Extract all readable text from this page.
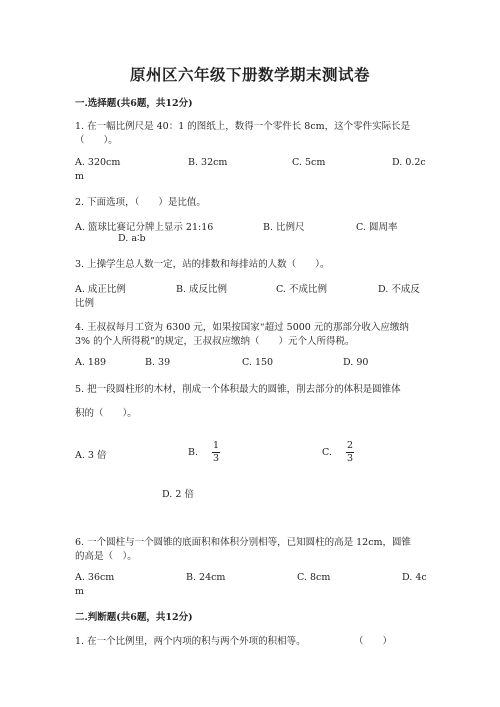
原州区六年级下册数学期末测试卷
一.选择题(共6题，共12分)
1. 在一幅比例尺是 40：1 的图纸上，数得一个零件长 8cm，这个零件实际长是
（　　）。
A. 320cm	B. 32cm	C. 5cm	D. 0.2c
m
2. 下面选项，（　　）是比值。
A. 篮球比赛记分牌上显示 21:16	B. 比例尺	C. 圆周率
D. a∶b
3. 上操学生总人数一定，站的排数和每排站的人数（　　）。
A. 成正比例	B. 成反比例	C. 不成比例	D. 不成反
比例
4. 王叔叔每月工资为 6300 元，如果按国家“超过 5000 元的那部分收入应缴纳
3% 的个人所得税”的规定，王叔叔应缴纳（　　）元个人所得税。
A. 189	B. 39	C. 150	D. 90
5. 把一段圆柱形的木材，削成一个体积最大的圆锥，削去部分的体积是圆锥体
积的（　　）。
A. 3 倍	B.
1
3
C.
2
3
D. 2 倍
6. 一个圆柱与一个圆锥的底面积和体积分别相等，已知圆柱的高是 12cm，圆锥
的高是（　）。
A. 36cm	B. 24cm	C. 8cm	D. 4c
m
二.判断题(共6题，共12分)
1. 在一个比例里，两个内项的积与两个外项的积相等。	（　　）
